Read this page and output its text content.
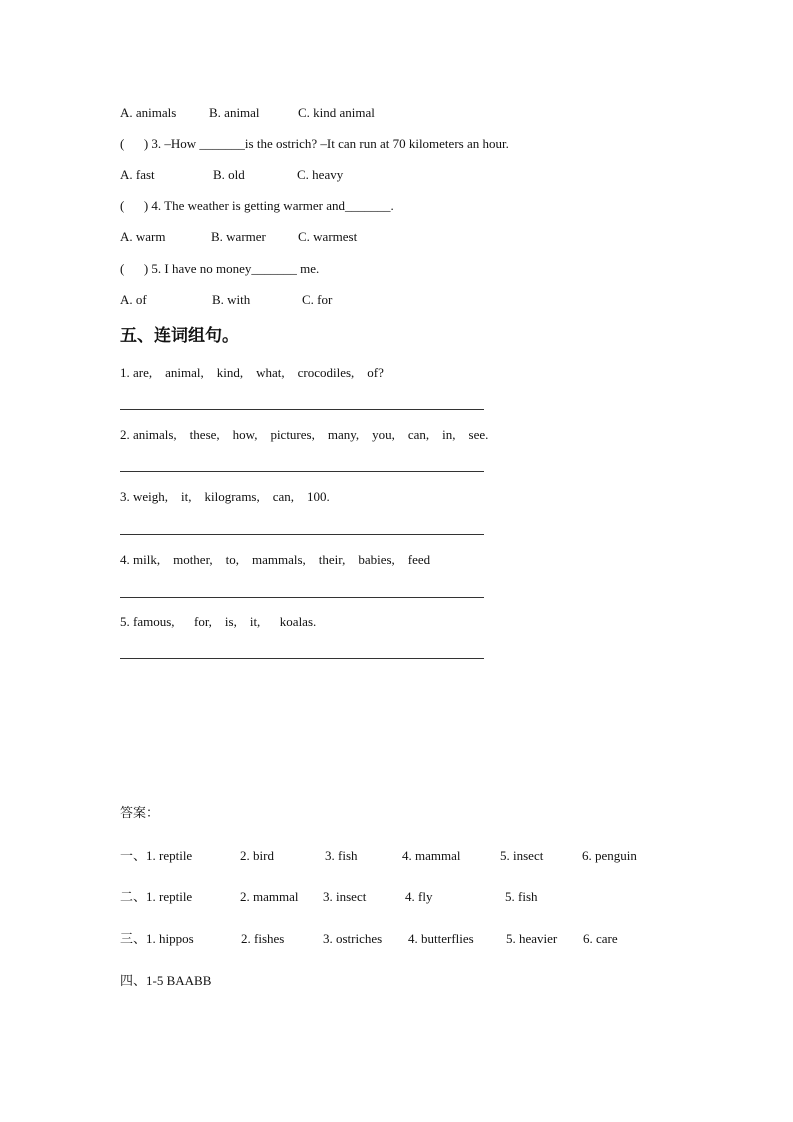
A. animals

	B. animal

	C. kind animal

(      ) 3. –How _______is the ostrich? –It can run at 70 kilometers an hour.

A. fast

	B. old

	C. heavy

(      ) 4. The weather is getting warmer and_______.

A. warm

	B. warmer

C. warmest

(      ) 5. I have no money_______ me.

A. of

	B. with

	C. for

五、连词组句。
1. are,    animal,    kind,    what,    crocodiles,    of?
2. animals,    these,    how,    pictures,    many,    you,    can,    in,    see.
3. weigh,    it,    kilograms,    can,    100.
4. milk,    mother,    to,    mammals,    their,    babies,    feed
5. famous,      for,    is,    it,      koalas.
答案：

一、1. reptile

	2. bird

	3. fish

	4. mammal

	5. insect

	6. penguin

二、1. reptile

	2. mammal

3. insect

	4. fly

	5. fish

三、1. hippos

	2. fishes

	3. ostriches

4. butterflies

5. heavier

6. care

四、1-5 BAABB
